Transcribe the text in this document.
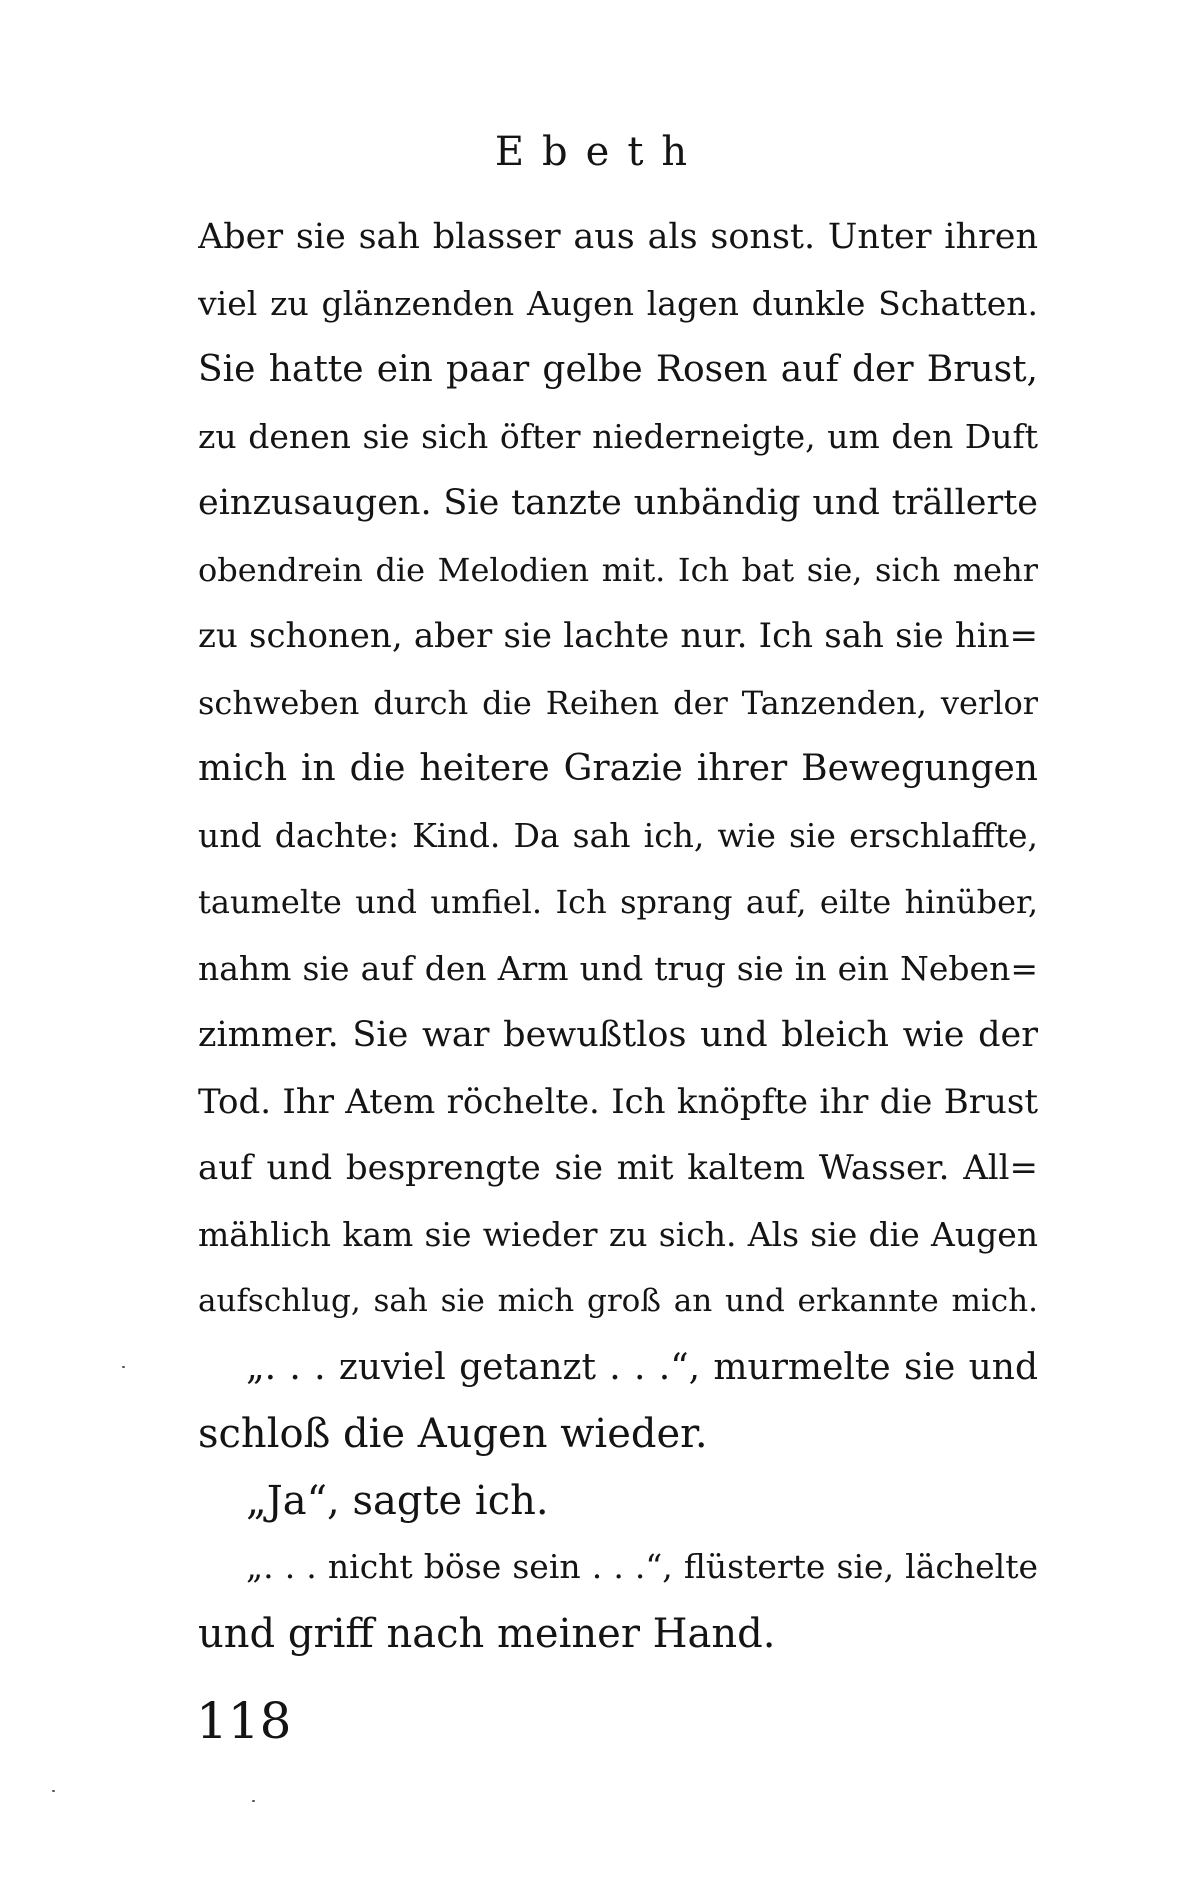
Ebeth
Aber sie sah blasser aus als sonst. Unter ihren
viel zu glänzenden Augen lagen dunkle Schatten.
Sie hatte ein paar gelbe Rosen auf der Brust,
zu denen sie sich öfter niederneigte, um den Duft
einzusaugen. Sie tanzte unbändig und trällerte
obendrein die Melodien mit. Ich bat sie, sich mehr
zu schonen, aber sie lachte nur. Ich sah sie hin=
schweben durch die Reihen der Tanzenden, verlor
mich in die heitere Grazie ihrer Bewegungen
und dachte: Kind. Da sah ich, wie sie erschlaffte,
taumelte und umfiel. Ich sprang auf, eilte hinüber,
nahm sie auf den Arm und trug sie in ein Neben=
zimmer. Sie war bewußtlos und bleich wie der
Tod. Ihr Atem röchelte. Ich knöpfte ihr die Brust
auf und besprengte sie mit kaltem Wasser. All=
mählich kam sie wieder zu sich. Als sie die Augen
aufschlug, sah sie mich groß an und erkannte mich.
„. . . zuviel getanzt . . .“, murmelte sie und
schloß die Augen wieder.
„Ja“, sagte ich.
„. . . nicht böse sein . . .“, flüsterte sie, lächelte
und griff nach meiner Hand.
118
